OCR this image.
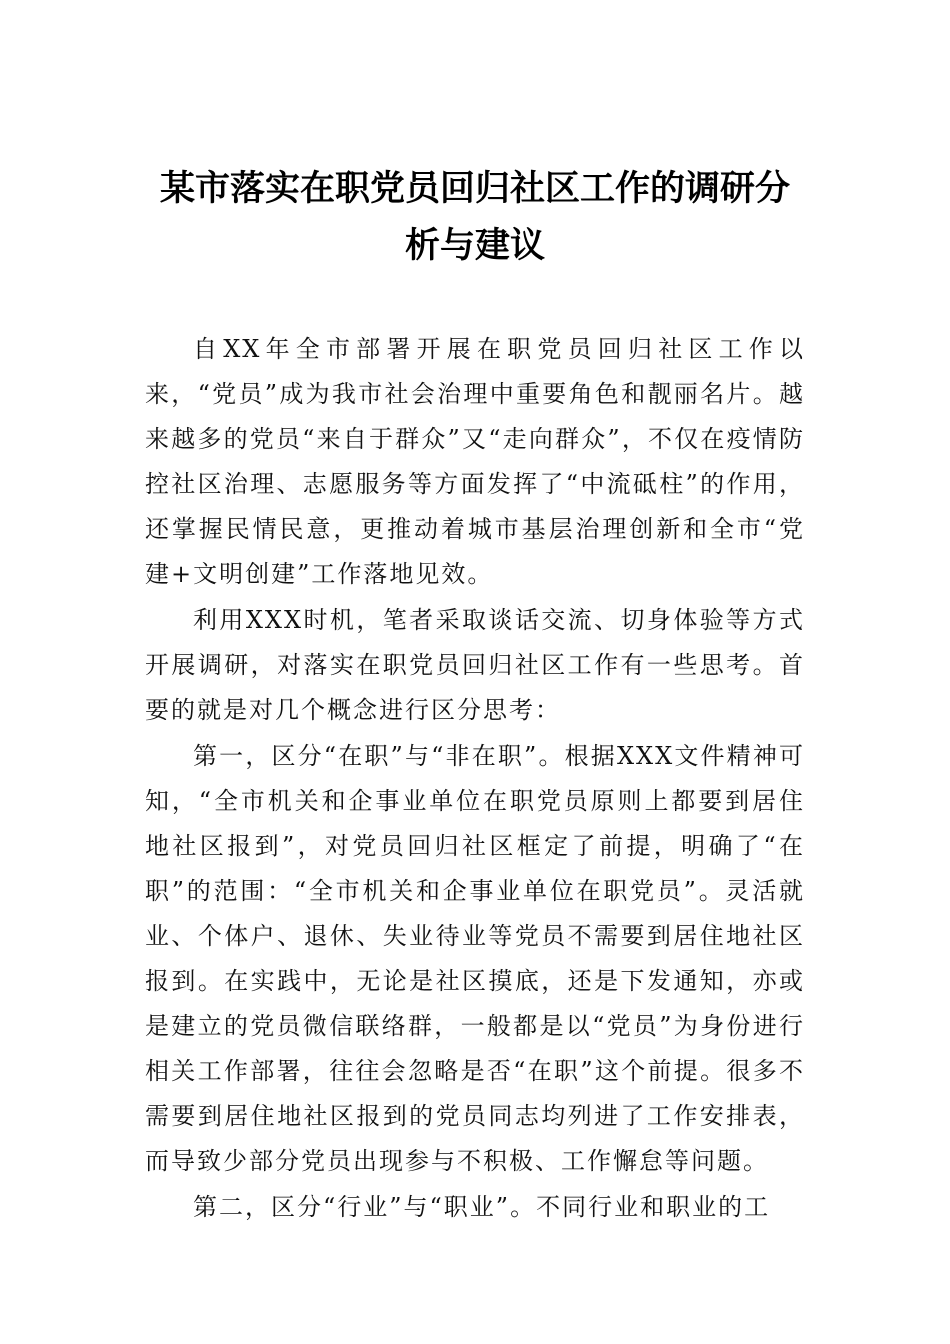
某市落实在职党员回归社区工作的调研分析与建议

自XX年全市部署开展在职党员回归社区工作以来，“党员”成为我市社会治理中重要角色和靓丽名片。越来越多的党员“来自于群众”又“走向群众”，不仅在疫情防控社区治理、志愿服务等方面发挥了“中流砥柱”的作用，还掌握民情民意，更推动着城市基层治理创新和全市“党建+文明创建”工作落地见效。

利用XXX时机，笔者采取谈话交流、切身体验等方式开展调研，对落实在职党员回归社区工作有一些思考。首要的就是对几个概念进行区分思考：

第一，区分“在职”与“非在职”。根据XXX文件精神可知，“全市机关和企事业单位在职党员原则上都要到居住地社区报到”，对党员回归社区框定了前提，明确了“在职”的范围：“全市机关和企事业单位在职党员”。灵活就业、个体户、退休、失业待业等党员不需要到居住地社区报到。在实践中，无论是社区摸底，还是下发通知，亦或是建立的党员微信联络群，一般都是以“党员”为身份进行相关工作部署，往往会忽略是否“在职”这个前提。很多不需要到居住地社区报到的党员同志均列进了工作安排表，而导致少部分党员出现参与不积极、工作懈怠等问题。

第二，区分“行业”与“职业”。不同行业和职业的工
